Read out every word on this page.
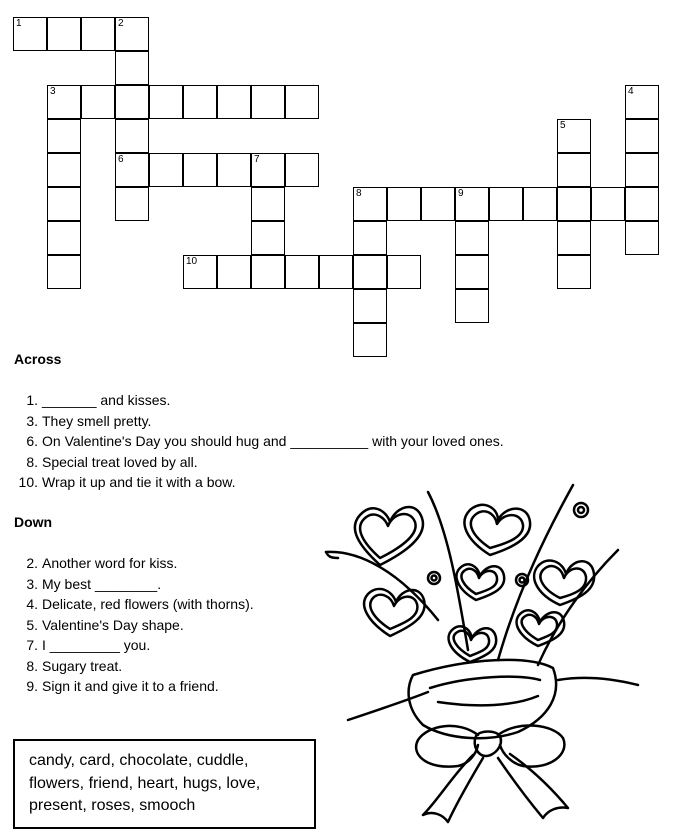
1	2
3	4
5
6	7
8	9
10
Across
1. _______ and kisses.
3. They smell pretty.
6. On Valentine's Day you should hug and __________ with your loved ones.
8. Special treat loved by all.
10. Wrap it up and tie it with a bow.
Down
2. Another word for kiss.
3. My best ________.
4. Delicate, red flowers (with thorns).
5. Valentine's Day shape.
7. I _________ you.
8. Sugary treat.
9. Sign it and give it to a friend.
candy, card, chocolate, cuddle,
flowers, friend, heart, hugs, love,
present, roses, smooch
